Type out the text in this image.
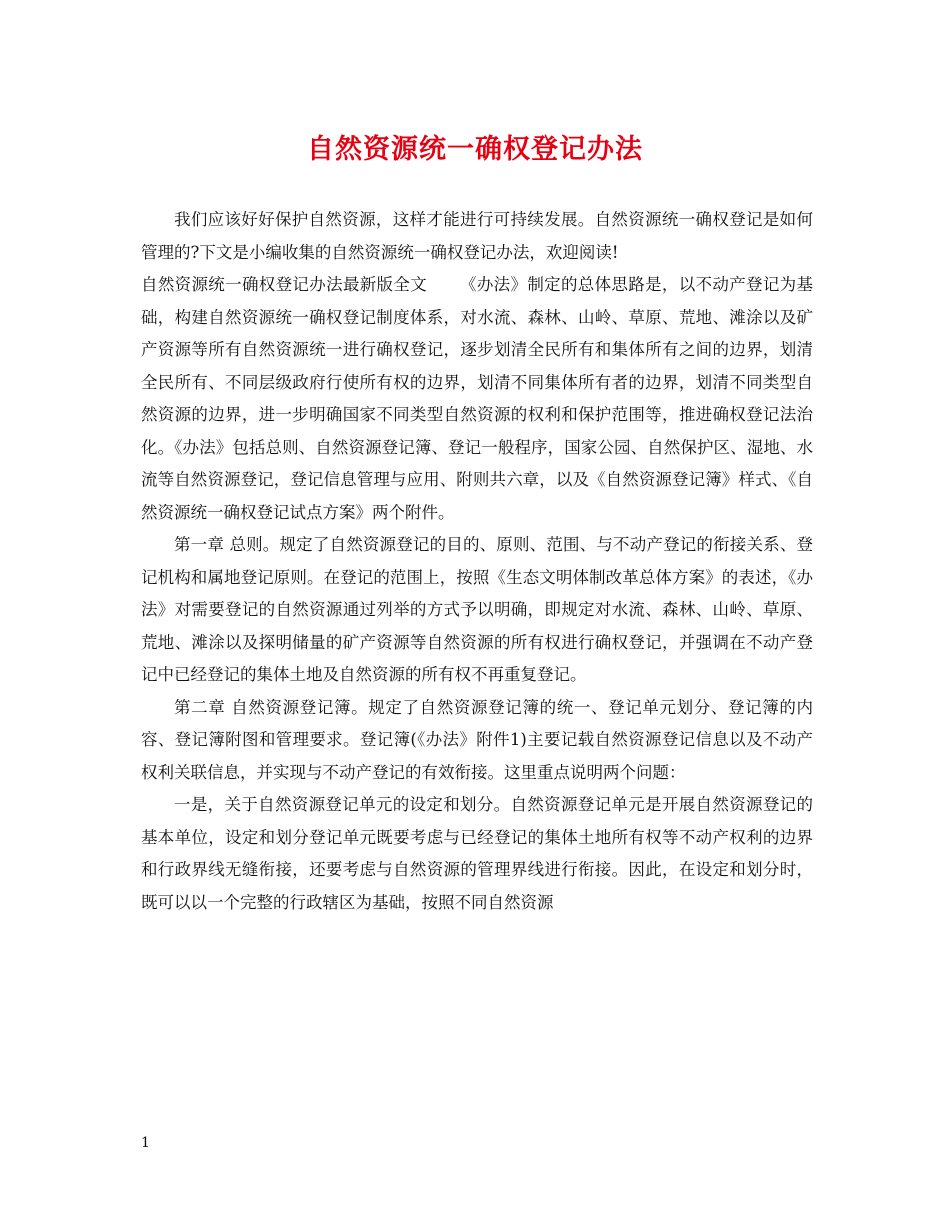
自然资源统一确权登记办法

我们应该好好保护自然资源，这样才能进行可持续发展。自然资源统一确权登记是如何管理的?下文是小编收集的自然资源统一确权登记办法，欢迎阅读!

自然资源统一确权登记办法最新版全文 《办法》制定的总体思路是，以不动产登记为基础，构建自然资源统一确权登记制度体系，对水流、森林、山岭、草原、荒地、滩涂以及矿产资源等所有自然资源统一进行确权登记，逐步划清全民所有和集体所有之间的边界，划清全民所有、不同层级政府行使所有权的边界，划清不同集体所有者的边界，划清不同类型自然资源的边界，进一步明确国家不同类型自然资源的权利和保护范围等，推进确权登记法治化。《办法》包括总则、自然资源登记簿、登记一般程序，国家公园、自然保护区、湿地、水流等自然资源登记，登记信息管理与应用、附则共六章，以及《自然资源登记簿》样式、《自然资源统一确权登记试点方案》两个附件。

第一章 总则。规定了自然资源登记的目的、原则、范围、与不动产登记的衔接关系、登记机构和属地登记原则。在登记的范围上，按照《生态文明体制改革总体方案》的表述，《办法》对需要登记的自然资源通过列举的方式予以明确，即规定对水流、森林、山岭、草原、荒地、滩涂以及探明储量的矿产资源等自然资源的所有权进行确权登记，并强调在不动产登记中已经登记的集体土地及自然资源的所有权不再重复登记。

第二章 自然资源登记簿。规定了自然资源登记簿的统一、登记单元划分、登记簿的内容、登记簿附图和管理要求。登记簿(《办法》附件1)主要记载自然资源登记信息以及不动产权利关联信息，并实现与不动产登记的有效衔接。这里重点说明两个问题：

一是，关于自然资源登记单元的设定和划分。自然资源登记单元是开展自然资源登记的基本单位，设定和划分登记单元既要考虑与已经登记的集体土地所有权等不动产权利的边界和行政界线无缝衔接，还要考虑与自然资源的管理界线进行衔接。因此，在设定和划分时，既可以以一个完整的行政辖区为基础，按照不同自然资源

1
